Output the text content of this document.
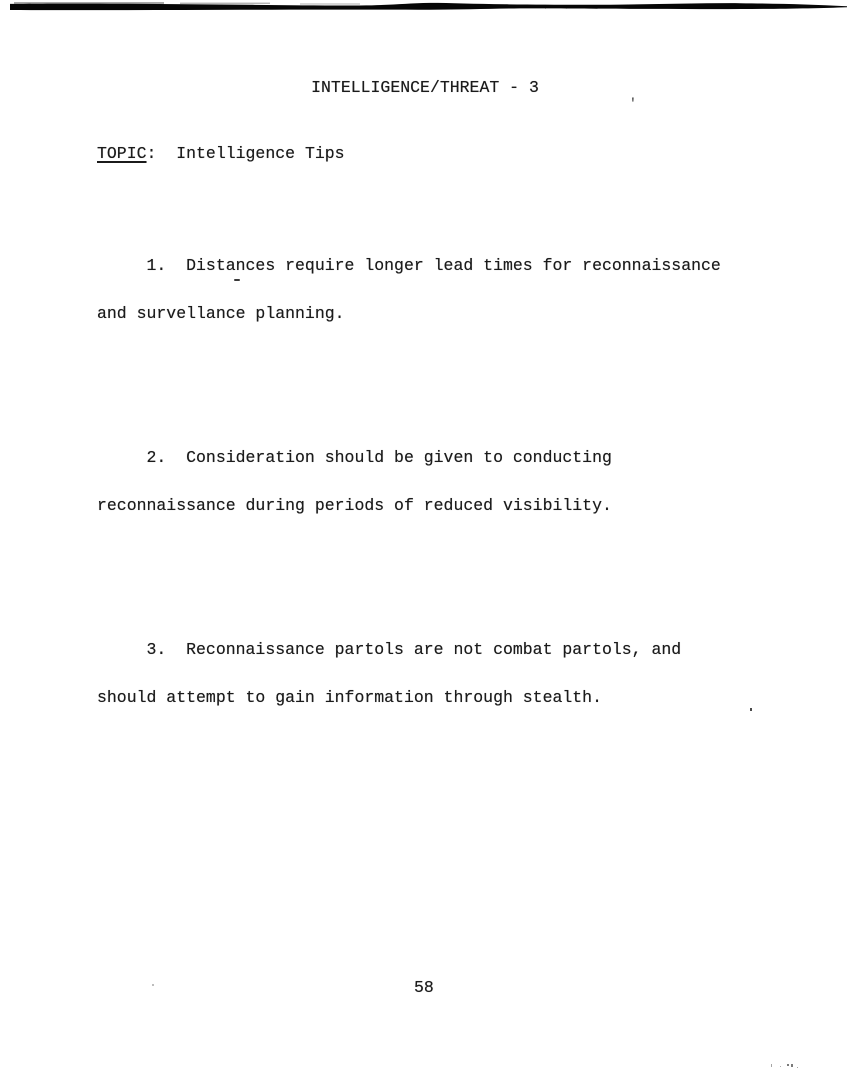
INTELLIGENCE/THREAT - 3
'

TOPIC:  Intelligence Tips

1.  Distances require longer lead times for reconnaissance

and survellance planning.

2.  Consideration should be given to conducting

reconnaissance during periods of reduced visibility.

3.  Reconnaissance partols are not combat partols, and

should attempt to gain information through stealth.

58
